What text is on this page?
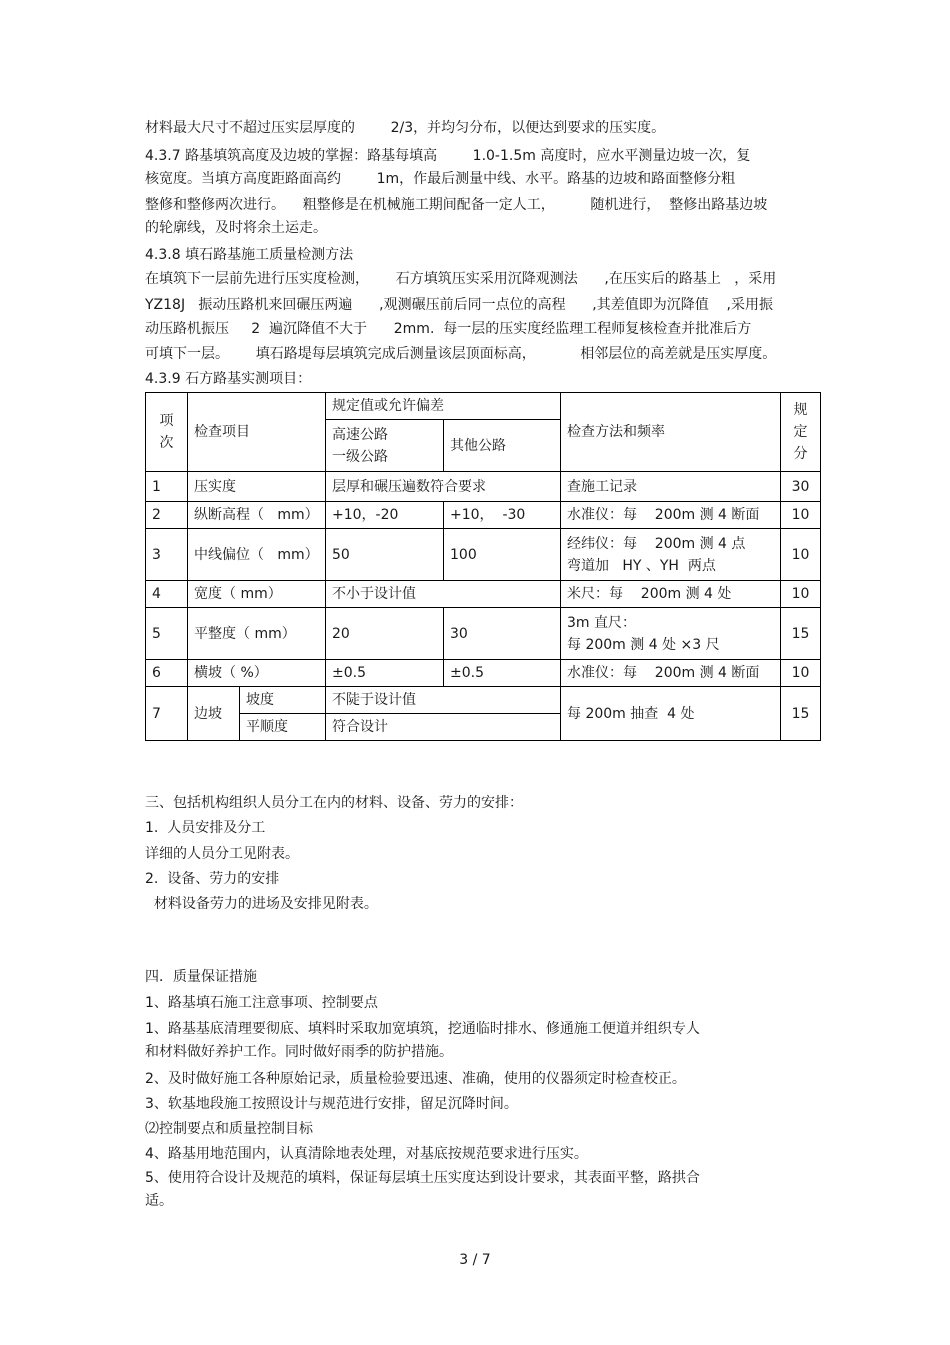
材料最大尺寸不超过压实层厚度的        2/3，并均匀分布，以便达到要求的压实度。
4.3.7 路基填筑高度及边坡的掌握：路基每填高        1.0-1.5m 高度时，应水平测量边坡一次，复
核宽度。当填方高度距路面高约        1m，作最后测量中线、水平。路基的边坡和路面整修分粗
整修和整修两次进行。    粗整修是在机械施工期间配备一定人工，        随机进行，  整修出路基边坡
的轮廓线，及时将余土运走。
4.3.8 填石路基施工质量检测方法
在填筑下一层前先进行压实度检测，      石方填筑压实采用沉降观测法      ,在压实后的路基上   ，采用
YZ18J   振动压路机来回碾压两遍      ,观测碾压前后同一点位的高程      ,其差值即为沉降值    ,采用振
动压路机振压     2  遍沉降值不大于      2mm.  每一层的压实度经监理工程师复核检查并批准后方
可填下一层。      填石路堤每层填筑完成后测量该层顶面标高，          相邻层位的高差就是压实厚度。
4.3.9 石方路基实测项目：
项
次	检查项目		规定值或允许偏差		检查方法和频率	规
定
分
			高速公路
一级公路	其他公路		
1	压实度		层厚和碾压遍数符合要求		查施工记录	30
2	纵断高程（   mm）		+10，-20	+10，  -30	水准仪：每    200m 测 4 断面	10
3	中线偏位（   mm）		50	100	经纬仪：每    200m 测 4 点
弯道加   HY 、YH  两点	10
4	宽度（ mm）		不小于设计值		米尺：每    200m 测 4 处	10
5	平整度（ mm）		20	30	3m 直尺：
每 200m 测 4 处 ×3 尺	15
6	横坡（ %）		±0.5	±0.5	水准仪：每    200m 测 4 断面	10
7	边坡	坡度	不陡于设计值		每 200m 抽查  4 处	15
		平顺度	符合设计			
三、包括机构组织人员分工在内的材料、设备、劳力的安排：
1.  人员安排及分工
详细的人员分工见附表。
2.  设备、劳力的安排
材料设备劳力的进场及安排见附表。
四．质量保证措施
1、路基填石施工注意事项、控制要点
1、路基基底清理要彻底、填料时采取加宽填筑，挖通临时排水、修通施工便道并组织专人
和材料做好养护工作。同时做好雨季的防护措施。
2、及时做好施工各种原始记录，质量检验要迅速、准确，使用的仪器须定时检查校正。
3、软基地段施工按照设计与规范进行安排，留足沉降时间。
⑵控制要点和质量控制目标
4、路基用地范围内，认真清除地表处理，对基底按规范要求进行压实。
5、使用符合设计及规范的填料，保证每层填土压实度达到设计要求，其表面平整，路拱合
适。
3 / 7
